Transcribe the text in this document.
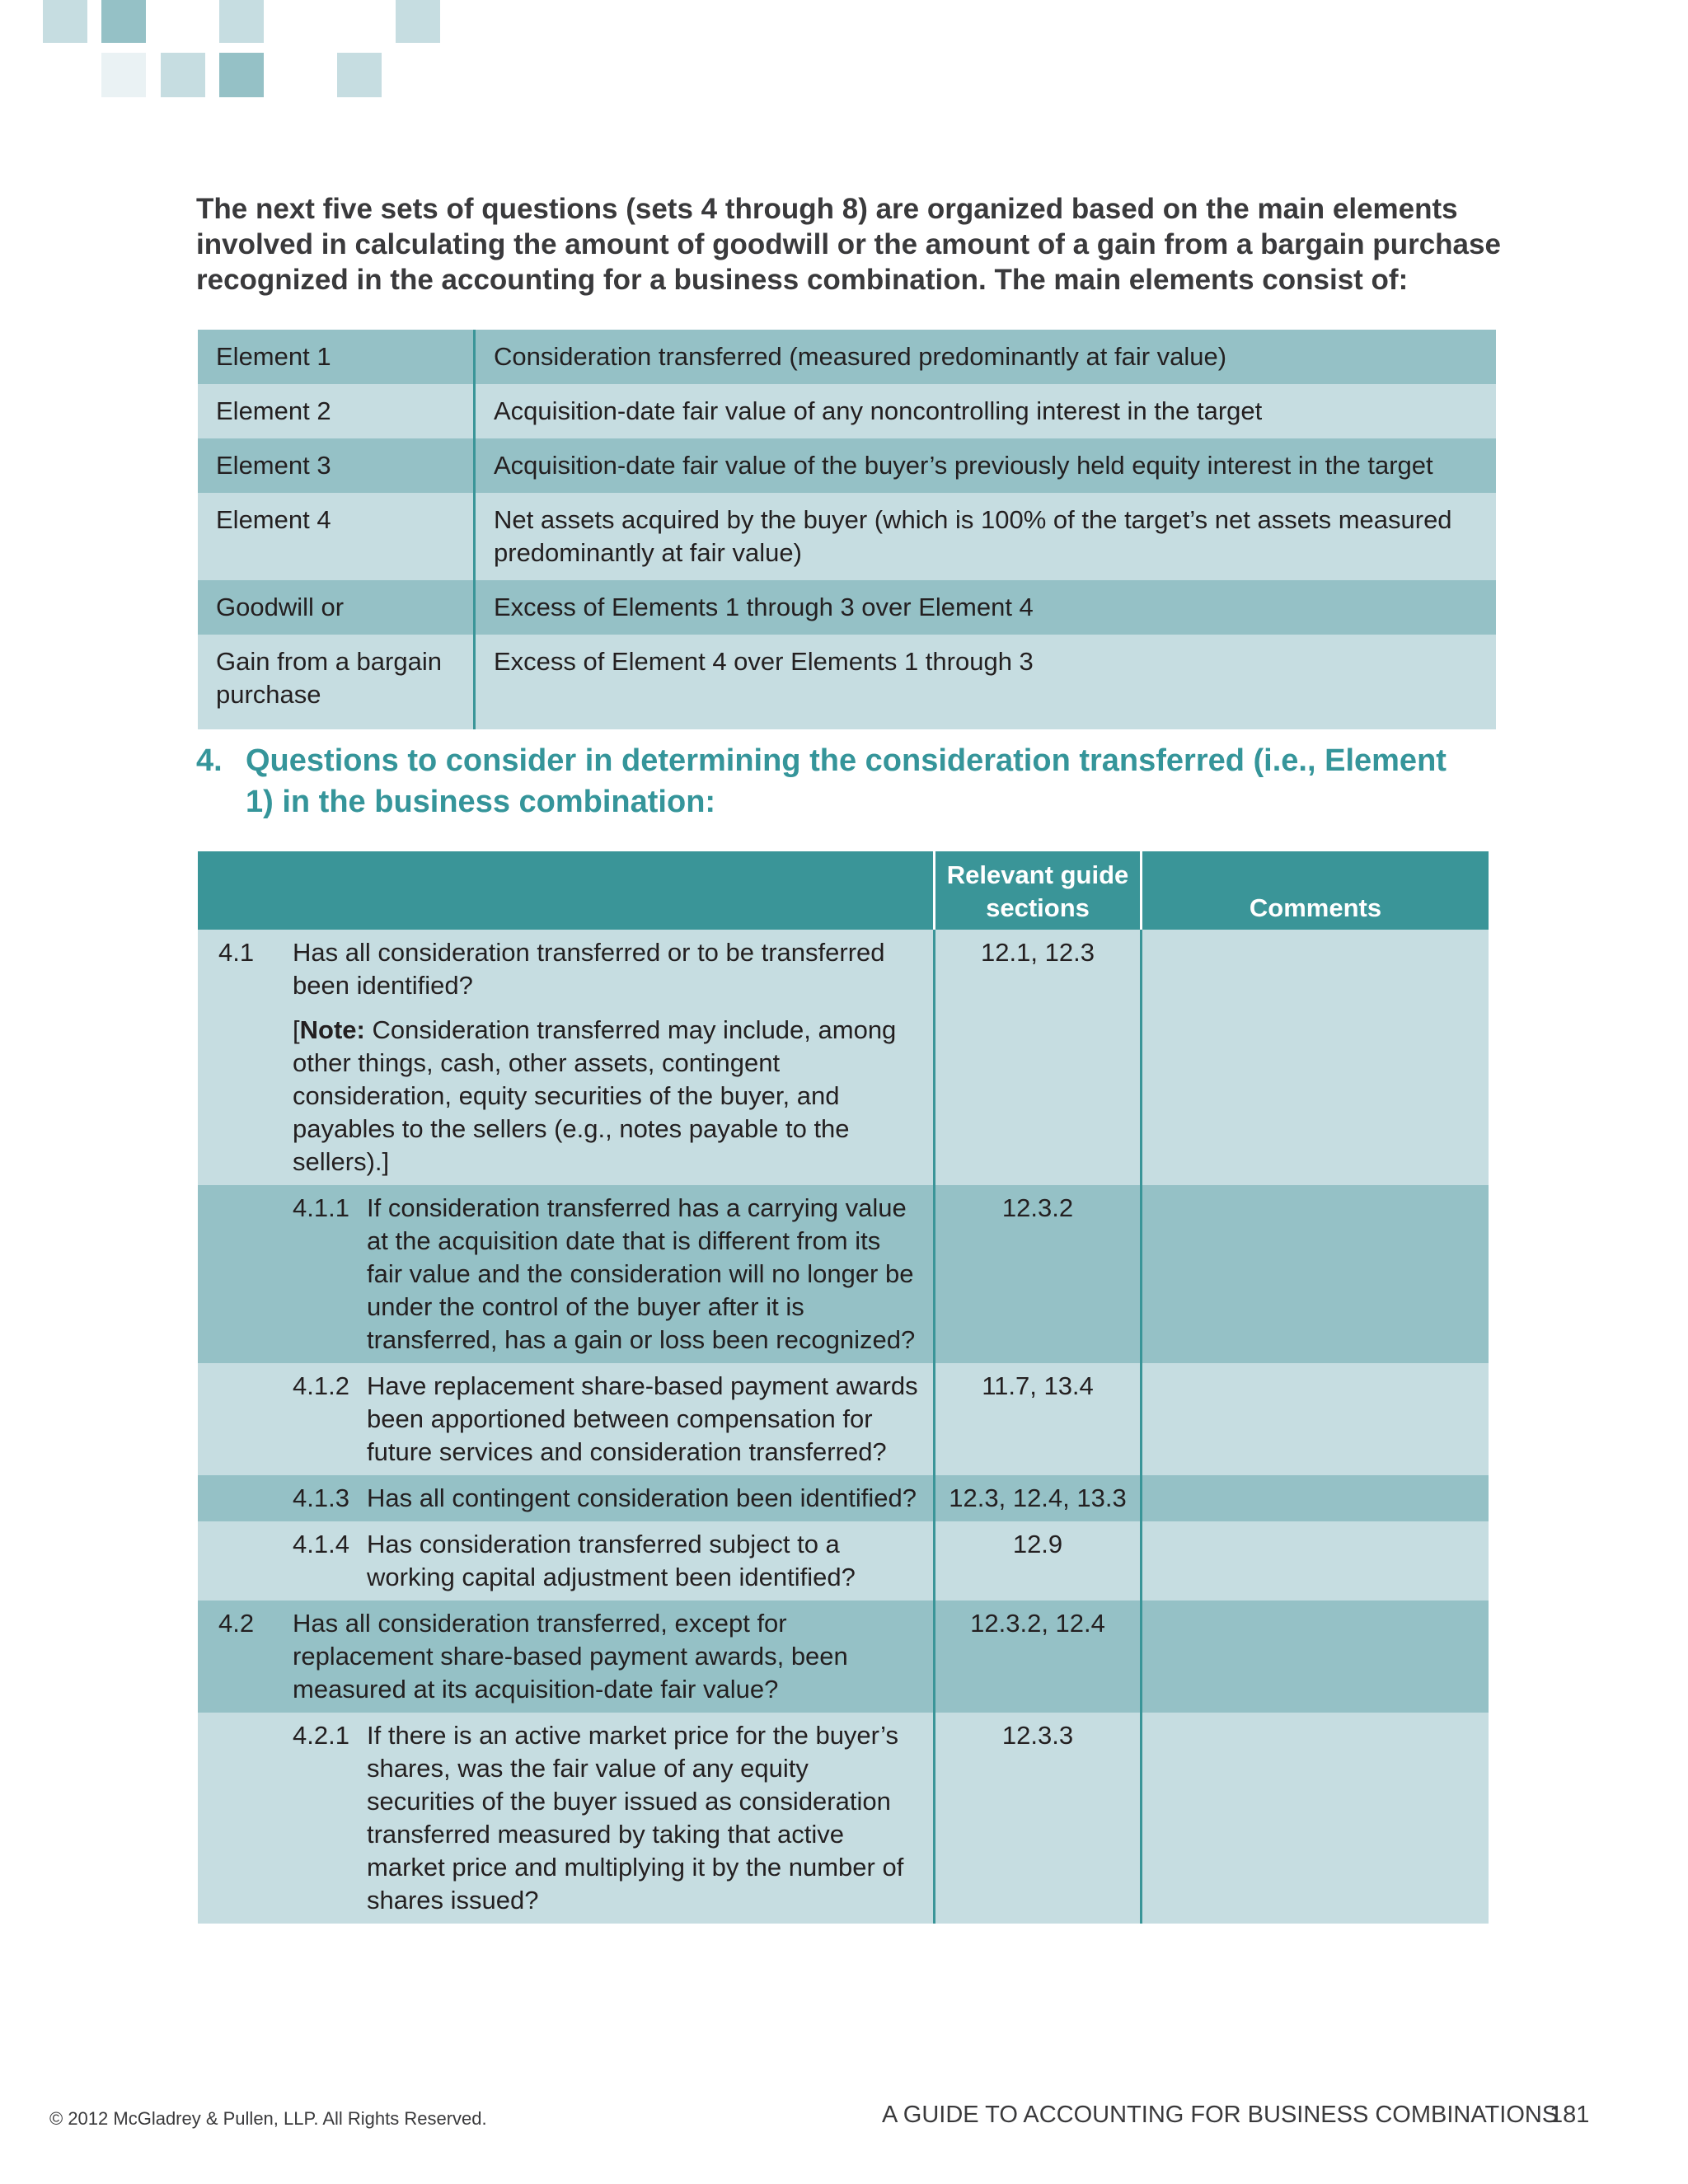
The next five sets of questions (sets 4 through 8) are organized based on the main elements involved in calculating the amount of goodwill or the amount of a gain from a bargain purchase recognized in the accounting for a business combination. The main elements consist of:
Element 1	Consideration transferred (measured predominantly at fair value)
Element 2	Acquisition-date fair value of any noncontrolling interest in the target
Element 3	Acquisition-date fair value of the buyer’s previously held equity interest in the target
Element 4	Net assets acquired by the buyer (which is 100% of the target’s net assets measured predominantly at fair value)
Goodwill or	Excess of Elements 1 through 3 over Element 4
Gain from a bargain purchase	Excess of Element 4 over Elements 1 through 3
4. Questions to consider in determining the consideration transferred (i.e., Element 1) in the business combination:
	Relevant guide sections	Comments

4.1 Has all consideration transferred or to be transferred been identified?
[Note: Consideration transferred may include, among other things, cash, other assets, contingent consideration, equity securities of the buyer, and payables to the sellers (e.g., notes payable to the sellers).]	12.1, 12.3	

4.1.1 If consideration transferred has a carrying value at the acquisition date that is different from its fair value and the consideration will no longer be under the control of the buyer after it is transferred, has a gain or loss been recognized?	12.3.2	

4.1.2 Have replacement share-based payment awards been apportioned between compensation for future services and consideration transferred?	11.7, 13.4	

4.1.3 Has all contingent consideration been identified?	12.3, 12.4, 13.3	

4.1.4 Has consideration transferred subject to a working capital adjustment been identified?	12.9	

4.2 Has all consideration transferred, except for replacement share-based payment awards, been measured at its acquisition-date fair value?	12.3.2, 12.4	

4.2.1 If there is an active market price for the buyer’s shares, was the fair value of any equity securities of the buyer issued as consideration transferred measured by taking that active market price and multiplying it by the number of shares issued?	12.3.3	
© 2012 McGladrey & Pullen, LLP. All Rights Reserved.	A GUIDE TO ACCOUNTING FOR BUSINESS COMBINATIONS
181
